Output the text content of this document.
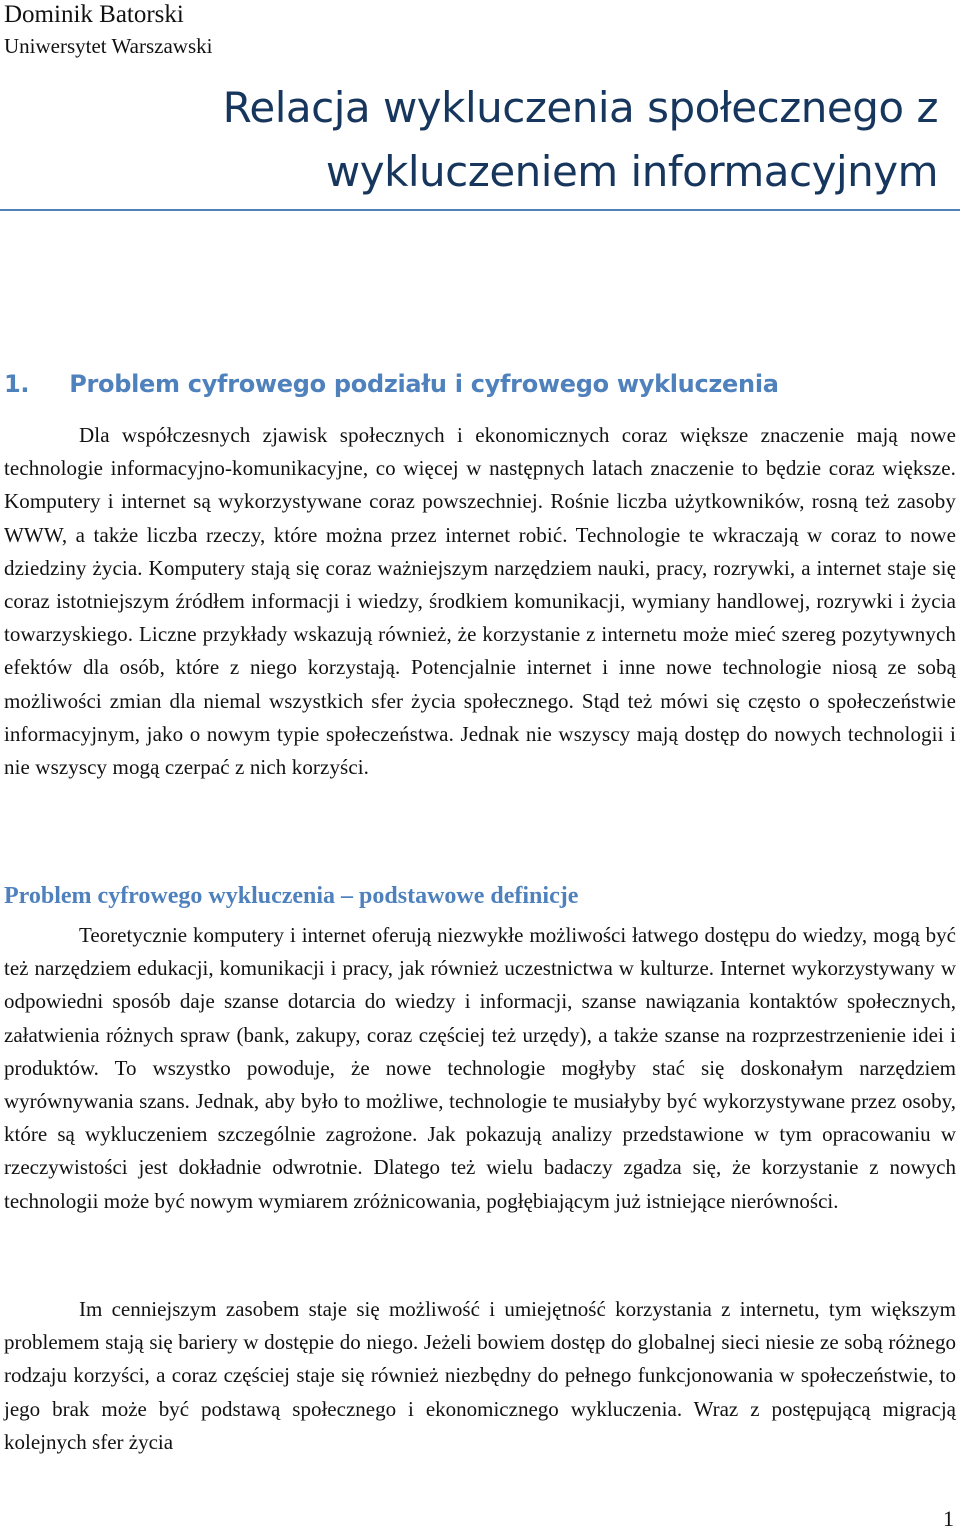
Dominik Batorski

Uniwersytet Warszawski

Relacja wykluczenia społecznego z
wykluczeniem informacyjnym
1. Problem cyfrowego podziału i cyfrowego wykluczenia

Dla współczesnych zjawisk społecznych i ekonomicznych coraz większe znaczenie mają nowe technologie informacyjno-komunikacyjne, co więcej w następnych latach znaczenie to będzie coraz większe. Komputery i internet są wykorzystywane coraz powszechniej. Rośnie liczba użytkowników, rosną też zasoby WWW, a także liczba rzeczy, które można przez internet robić. Technologie te wkraczają w coraz to nowe dziedziny życia. Komputery stają się coraz ważniejszym narzędziem nauki, pracy, rozrywki, a internet staje się coraz istotniejszym źródłem informacji i wiedzy, środkiem komunikacji, wymiany handlowej, rozrywki i życia towarzyskiego. Liczne przykłady wskazują również, że korzystanie z internetu może mieć szereg pozytywnych efektów dla osób, które z niego korzystają. Potencjalnie internet i inne nowe technologie niosą ze sobą możliwości zmian dla niemal wszystkich sfer życia społecznego. Stąd też mówi się często o społeczeństwie informacyjnym, jako o nowym typie społeczeństwa. Jednak nie wszyscy mają dostęp do nowych technologii i nie wszyscy mogą czerpać z nich korzyści.

Problem cyfrowego wykluczenia – podstawowe definicje

Teoretycznie komputery i internet oferują niezwykłe możliwości łatwego dostępu do wiedzy, mogą być też narzędziem edukacji, komunikacji i pracy, jak również uczestnictwa w kulturze. Internet wykorzystywany w odpowiedni sposób daje szanse dotarcia do wiedzy i informacji, szanse nawiązania kontaktów społecznych, załatwienia różnych spraw (bank, zakupy, coraz częściej też urzędy), a także szanse na rozprzestrzenienie idei i produktów. To wszystko powoduje, że nowe technologie mogłyby stać się doskonałym narzędziem wyrównywania szans. Jednak, aby było to możliwe, technologie te musiałyby być wykorzystywane przez osoby, które są wykluczeniem szczególnie zagrożone. Jak pokazują analizy przedstawione w tym opracowaniu w rzeczywistości jest dokładnie odwrotnie. Dlatego też wielu badaczy zgadza się, że korzystanie z nowych technologii może być nowym wymiarem zróżnicowania, pogłębiającym już istniejące nierówności.

Im cenniejszym zasobem staje się możliwość i umiejętność korzystania z internetu, tym większym problemem stają się bariery w dostępie do niego. Jeżeli bowiem dostęp do globalnej sieci niesie ze sobą różnego rodzaju korzyści, a coraz częściej staje się również niezbędny do pełnego funkcjonowania w społeczeństwie, to jego brak może być podstawą społecznego i ekonomicznego wykluczenia. Wraz z postępującą migracją kolejnych sfer życia

1
